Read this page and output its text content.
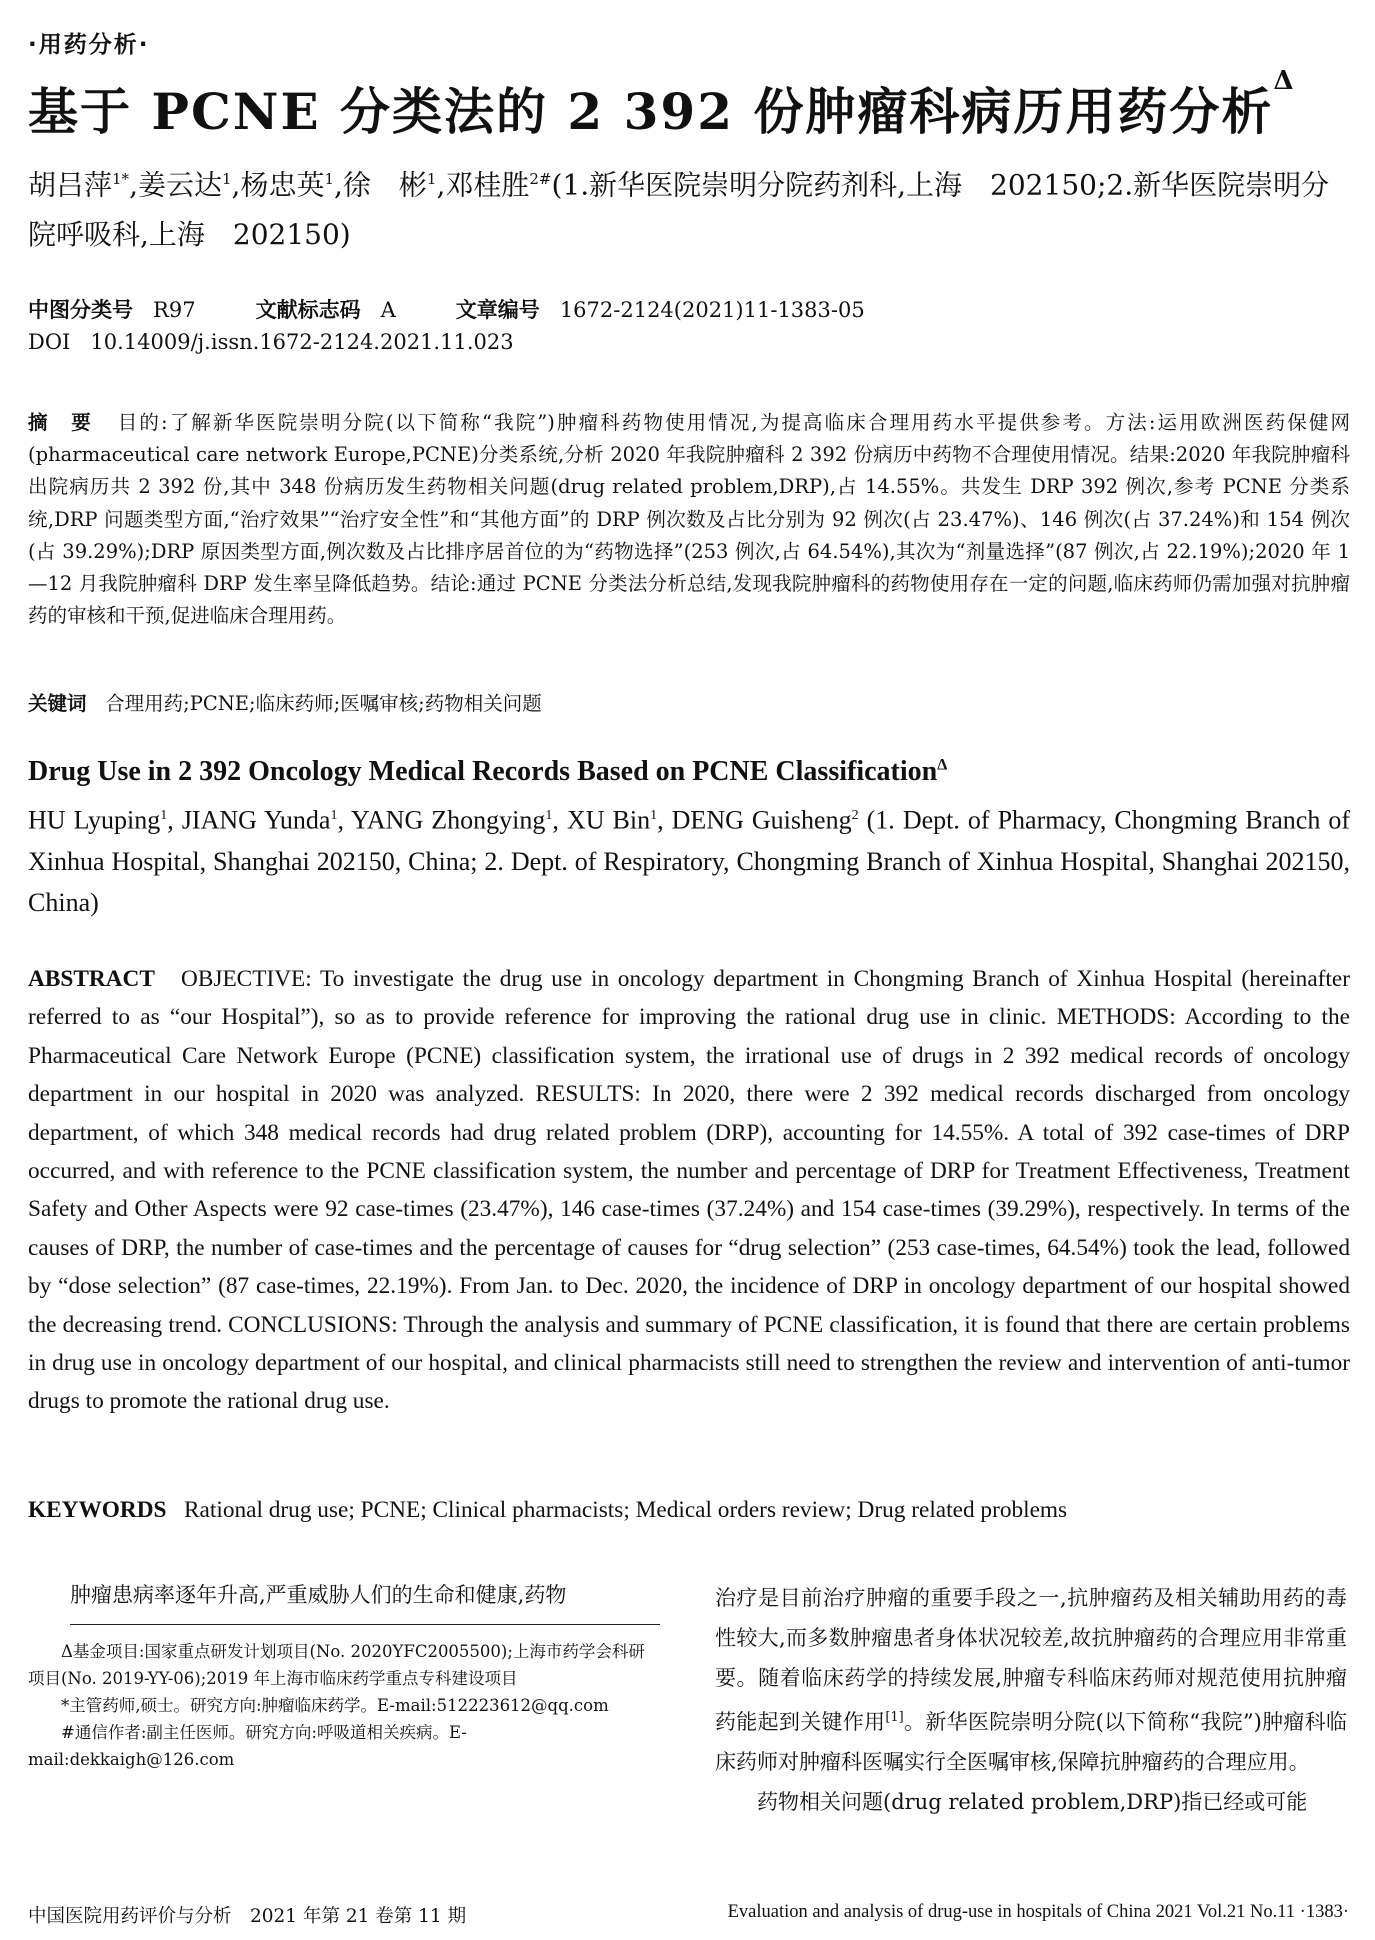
·用药分析·
基于 PCNE 分类法的 2 392 份肿瘤科病历用药分析$^\Delta$
胡吕萍$^{1*}$,姜云达$^1$,杨忠英$^1$,徐　彬$^1$,邓桂胜$^{2\#}$(1.新华医院崇明分院药剂科,上海　202150;2.新华医院崇明分院呼吸科,上海　202150)
中图分类号 R97	文献标志码 A	文章编号 1672-2124(2021)11-1383-05
DOI 10.14009/j.issn.1672-2124.2021.11.023
摘　要 目的:了解新华医院崇明分院(以下简称“我院”)肿瘤科药物使用情况,为提高临床合理用药水平提供参考。方法:运用欧洲医药保健网(pharmaceutical care network Europe,PCNE)分类系统,分析 2020 年我院肿瘤科 2 392 份病历中药物不合理使用情况。结果:2020 年我院肿瘤科出院病历共 2 392 份,其中 348 份病历发生药物相关问题(drug related problem,DRP),占 14.55%。共发生 DRP 392 例次,参考 PCNE 分类系统,DRP 问题类型方面,“治疗效果”“治疗安全性”和“其他方面”的 DRP 例次数及占比分别为 92 例次(占 23.47%)、146 例次(占 37.24%)和 154 例次(占 39.29%);DRP 原因类型方面,例次数及占比排序居首位的为“药物选择”(253 例次,占 64.54%),其次为“剂量选择”(87 例次,占 22.19%);2020 年 1—12 月我院肿瘤科 DRP 发生率呈降低趋势。结论:通过 PCNE 分类法分析总结,发现我院肿瘤科的药物使用存在一定的问题,临床药师仍需加强对抗肿瘤药的审核和干预,促进临床合理用药。
关键词 合理用药;PCNE;临床药师;医嘱审核;药物相关问题
Drug Use in 2 392 Oncology Medical Records Based on PCNE Classification$^\Delta$
HU Lyuping$^1$, JIANG Yunda$^1$, YANG Zhongying$^1$, XU Bin$^1$, DENG Guisheng$^2$ (1. Dept. of Pharmacy, Chongming Branch of Xinhua Hospital, Shanghai 202150, China; 2. Dept. of Respiratory, Chongming Branch of Xinhua Hospital, Shanghai 202150, China)
ABSTRACT OBJECTIVE: To investigate the drug use in oncology department in Chongming Branch of Xinhua Hospital (hereinafter referred to as “our Hospital”), so as to provide reference for improving the rational drug use in clinic. METHODS: According to the Pharmaceutical Care Network Europe (PCNE) classification system, the irrational use of drugs in 2 392 medical records of oncology department in our hospital in 2020 was analyzed. RESULTS: In 2020, there were 2 392 medical records discharged from oncology department, of which 348 medical records had drug related problem (DRP), accounting for 14.55%. A total of 392 case-times of DRP occurred, and with reference to the PCNE classification system, the number and percentage of DRP for Treatment Effectiveness, Treatment Safety and Other Aspects were 92 case-times (23.47%), 146 case-times (37.24%) and 154 case-times (39.29%), respectively. In terms of the causes of DRP, the number of case-times and the percentage of causes for “drug selection” (253 case-times, 64.54%) took the lead, followed by “dose selection” (87 case-times, 22.19%). From Jan. to Dec. 2020, the incidence of DRP in oncology department of our hospital showed the decreasing trend. CONCLUSIONS: Through the analysis and summary of PCNE classification, it is found that there are certain problems in drug use in oncology department of our hospital, and clinical pharmacists still need to strengthen the review and intervention of anti-tumor drugs to promote the rational drug use.
KEYWORDS Rational drug use; PCNE; Clinical pharmacists; Medical orders review; Drug related problems
肿瘤患病率逐年升高,严重威胁人们的生命和健康,药物

Δ基金项目:国家重点研发计划项目(No. 2020YFC2005500);上海市药学会科研项目(No. 2019-YY-06);2019 年上海市临床药学重点专科建设项目

*主管药师,硕士。研究方向:肿瘤临床药学。E-mail:512223612@qq.com

#通信作者:副主任医师。研究方向:呼吸道相关疾病。E-mail:dekkaigh@126.com

治疗是目前治疗肿瘤的重要手段之一,抗肿瘤药及相关辅助用药的毒性较大,而多数肿瘤患者身体状况较差,故抗肿瘤药的合理应用非常重要。随着临床药学的持续发展,肿瘤专科临床药师对规范使用抗肿瘤药能起到关键作用[1]。新华医院崇明分院(以下简称“我院”)肿瘤科临床药师对肿瘤科医嘱实行全医嘱审核,保障抗肿瘤药的合理应用。

药物相关问题(drug related problem,DRP)指已经或可能

中国医院用药评价与分析　2021 年第 21 卷第 11 期	Evaluation and analysis of drug-use in hospitals of China 2021 Vol.21 No.11 ·1383·
